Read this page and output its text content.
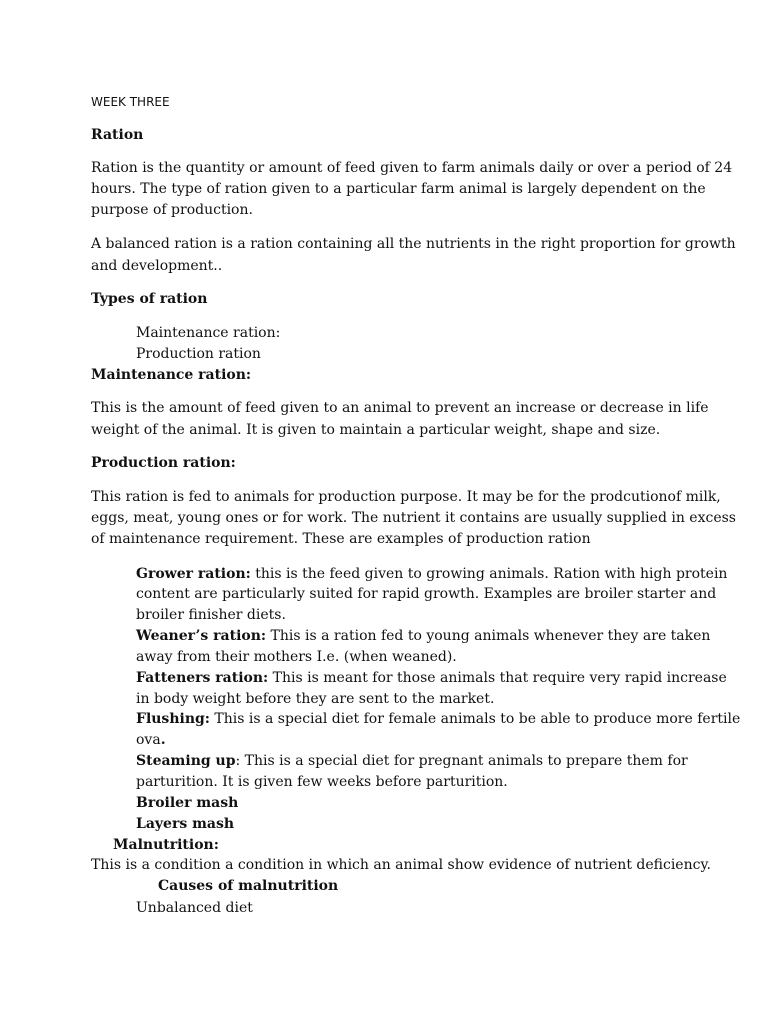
WEEK THREE

Ration

Ration is the quantity or amount of feed given to farm animals daily or over a period of 24

hours. The type of ration given to a particular farm animal is largely dependent on the

purpose of production.

A balanced ration is a ration containing all the nutrients in the right proportion for growth

and development..

Types of ration

Maintenance ration:

Production ration

Maintenance ration:

This is the amount of feed given to an animal to prevent an increase or decrease in life

weight of the animal. It is given to maintain a particular weight, shape and size.

Production ration:

This ration is fed to animals for production purpose. It may be for the prodcutionof milk,

eggs, meat, young ones or for work. The nutrient it contains are usually supplied in excess

of maintenance requirement. These are examples of production ration

Grower ration: this is the feed given to growing animals. Ration with high protein

content are particularly suited for rapid growth. Examples are broiler starter and

broiler finisher diets.

Weaner’s ration: This is a ration fed to young animals whenever they are taken

away from their mothers I.e. (when weaned).

Fatteners ration: This is meant for those animals that require very rapid increase

in body weight before they are sent to the market.

Flushing: This is a special diet for female animals to be able to produce more fertile

ova.

Steaming up: This is a special diet for pregnant animals to prepare them for

parturition. It is given few weeks before parturition.

Broiler mash

Layers mash

Malnutrition:

This is a condition a condition in which an animal show evidence of nutrient deficiency.

Causes of malnutrition

Unbalanced diet
